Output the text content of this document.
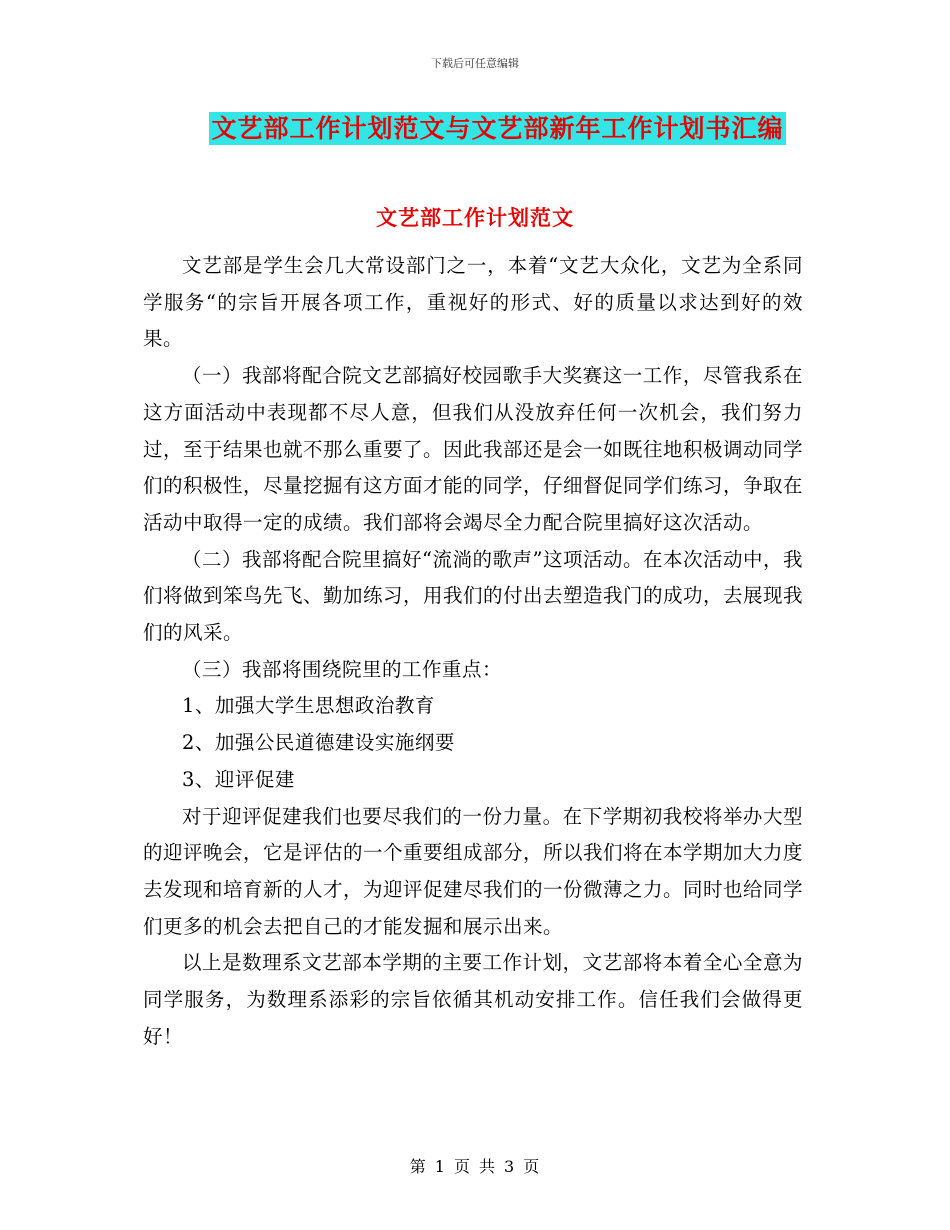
下载后可任意编辑
文艺部工作计划范文与文艺部新年工作计划书汇编
文艺部工作计划范文

文艺部是学生会几大常设部门之一，本着“文艺大众化，文艺为全系同学服务“的宗旨开展各项工作，重视好的形式、好的质量以求达到好的效果。

（一）我部将配合院文艺部搞好校园歌手大奖赛这一工作，尽管我系在这方面活动中表现都不尽人意，但我们从没放弃任何一次机会，我们努力过，至于结果也就不那么重要了。因此我部还是会一如既往地积极调动同学们的积极性，尽量挖掘有这方面才能的同学，仔细督促同学们练习，争取在活动中取得一定的成绩。我们部将会竭尽全力配合院里搞好这次活动。

（二）我部将配合院里搞好“流淌的歌声”这项活动。在本次活动中，我们将做到笨鸟先飞、勤加练习，用我们的付出去塑造我门的成功，去展现我们的风采。

（三）我部将围绕院里的工作重点：

1、加强大学生思想政治教育

2、加强公民道德建设实施纲要

3、迎评促建

对于迎评促建我们也要尽我们的一份力量。在下学期初我校将举办大型的迎评晚会，它是评估的一个重要组成部分，所以我们将在本学期加大力度去发现和培育新的人才，为迎评促建尽我们的一份微薄之力。同时也给同学们更多的机会去把自己的才能发掘和展示出来。

以上是数理系文艺部本学期的主要工作计划，文艺部将本着全心全意为同学服务，为数理系添彩的宗旨依循其机动安排工作。信任我们会做得更好！

第 1 页 共 3 页
